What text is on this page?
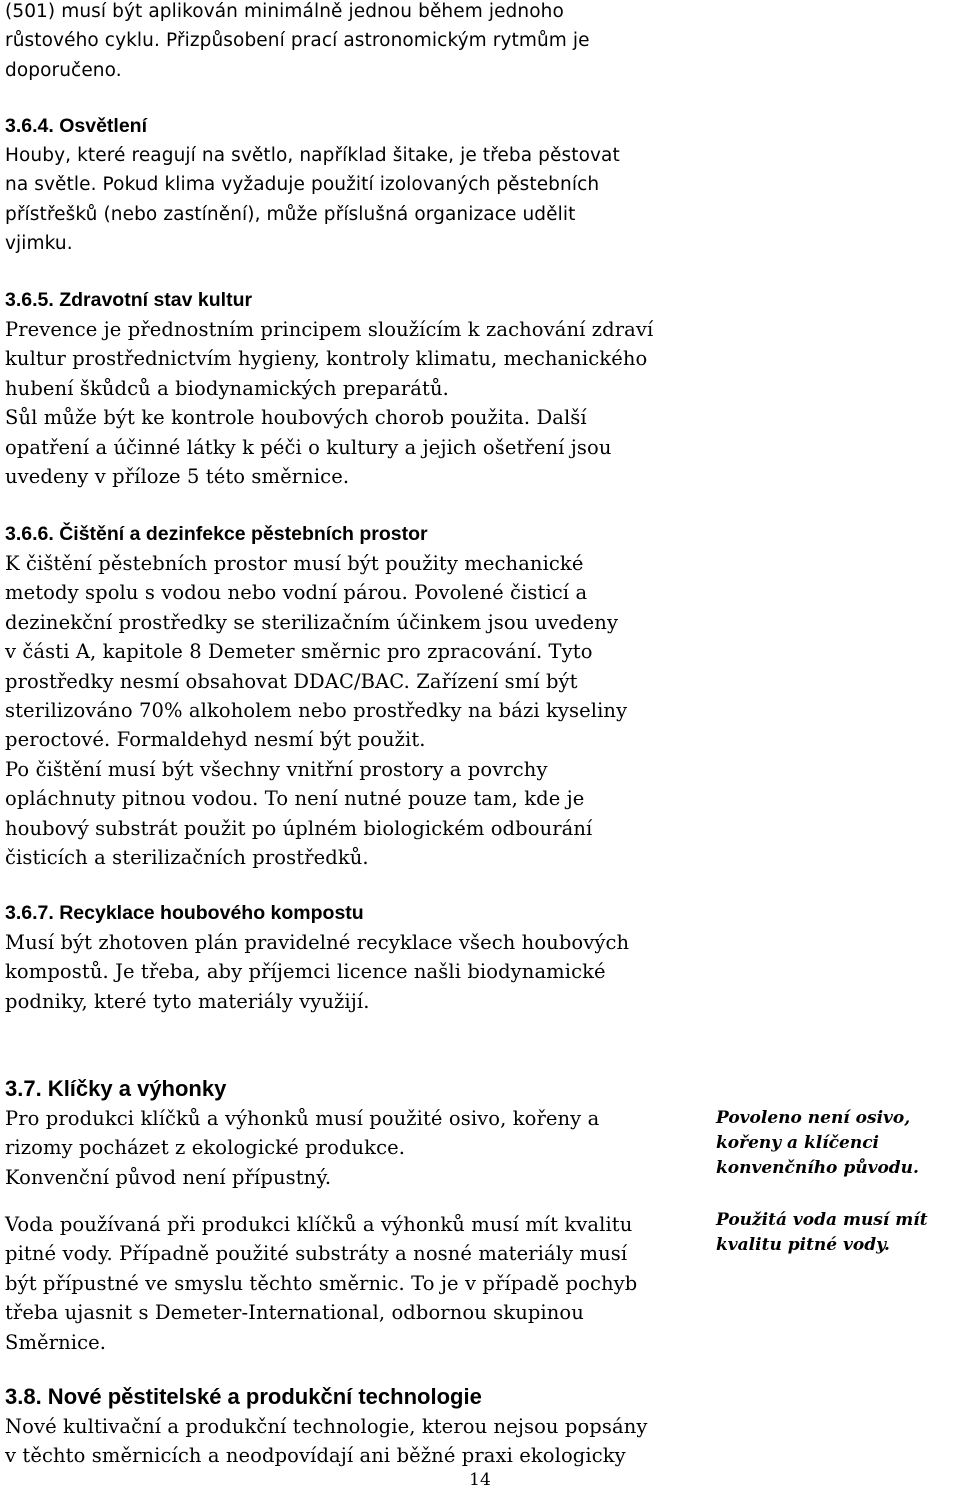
(501) musí být aplikován minimálně jednou během jednoho
růstového cyklu. Přizpůsobení prací astronomickým rytmům je
doporučeno.
3.6.4. Osvětlení
Houby, které reagují na světlo, například šitake, je třeba pěstovat
na světle. Pokud klima vyžaduje použití izolovaných pěstebních
přístřešků (nebo zastínění), může příslušná organizace udělit
vjimku.
3.6.5. Zdravotní stav kultur
Prevence je přednostním principem sloužícím k zachování zdraví
kultur prostřednictvím hygieny, kontroly klimatu, mechanického
hubení škůdců a biodynamických preparátů.
Sůl může být ke kontrole houbových chorob použita. Další
opatření a účinné látky k péči o kultury a jejich ošetření jsou
uvedeny v příloze 5 této směrnice.
3.6.6. Čištění a dezinfekce pěstebních prostor
K čištění pěstebních prostor musí být použity mechanické
metody spolu s vodou nebo vodní párou. Povolené čisticí a
dezinekční prostředky se sterilizačním účinkem jsou uvedeny
v části A, kapitole 8 Demeter směrnic pro zpracování. Tyto
prostředky nesmí obsahovat DDAC/BAC. Zařízení smí být
sterilizováno 70% alkoholem nebo prostředky na bázi kyseliny
peroctové. Formaldehyd nesmí být použit.
Po čištění musí být všechny vnitřní prostory a povrchy
opláchnuty pitnou vodou. To není nutné pouze tam, kde je
houbový substrát použit po úplném biologickém odbourání
čisticích a sterilizačních prostředků.
3.6.7. Recyklace houbového kompostu
Musí být zhotoven plán pravidelné recyklace všech houbových
kompostů. Je třeba, aby příjemci licence našli biodynamické
podniky, které tyto materiály využijí.
3.7. Klíčky a výhonky
Pro produkci klíčků a výhonků musí použité osivo, kořeny a
rizomy pocházet z ekologické produkce.
Konvenční původ není přípustný.
Voda používaná při produkci klíčků a výhonků musí mít kvalitu
pitné vody. Případně použité substráty a nosné materiály musí
být přípustné ve smyslu těchto směrnic. To je v případě pochyb
třeba ujasnit s Demeter-International, odbornou skupinou
Směrnice.
Povoleno není osivo,
kořeny a klíčenci
konvenčního původu.
Použitá voda musí mít
kvalitu pitné vody.
3.8. Nové pěstitelské a produkční technologie
Nové kultivační a produkční technologie, kterou nejsou popsány
v těchto směrnicích a neodpovídají ani běžné praxi ekologicky
14
